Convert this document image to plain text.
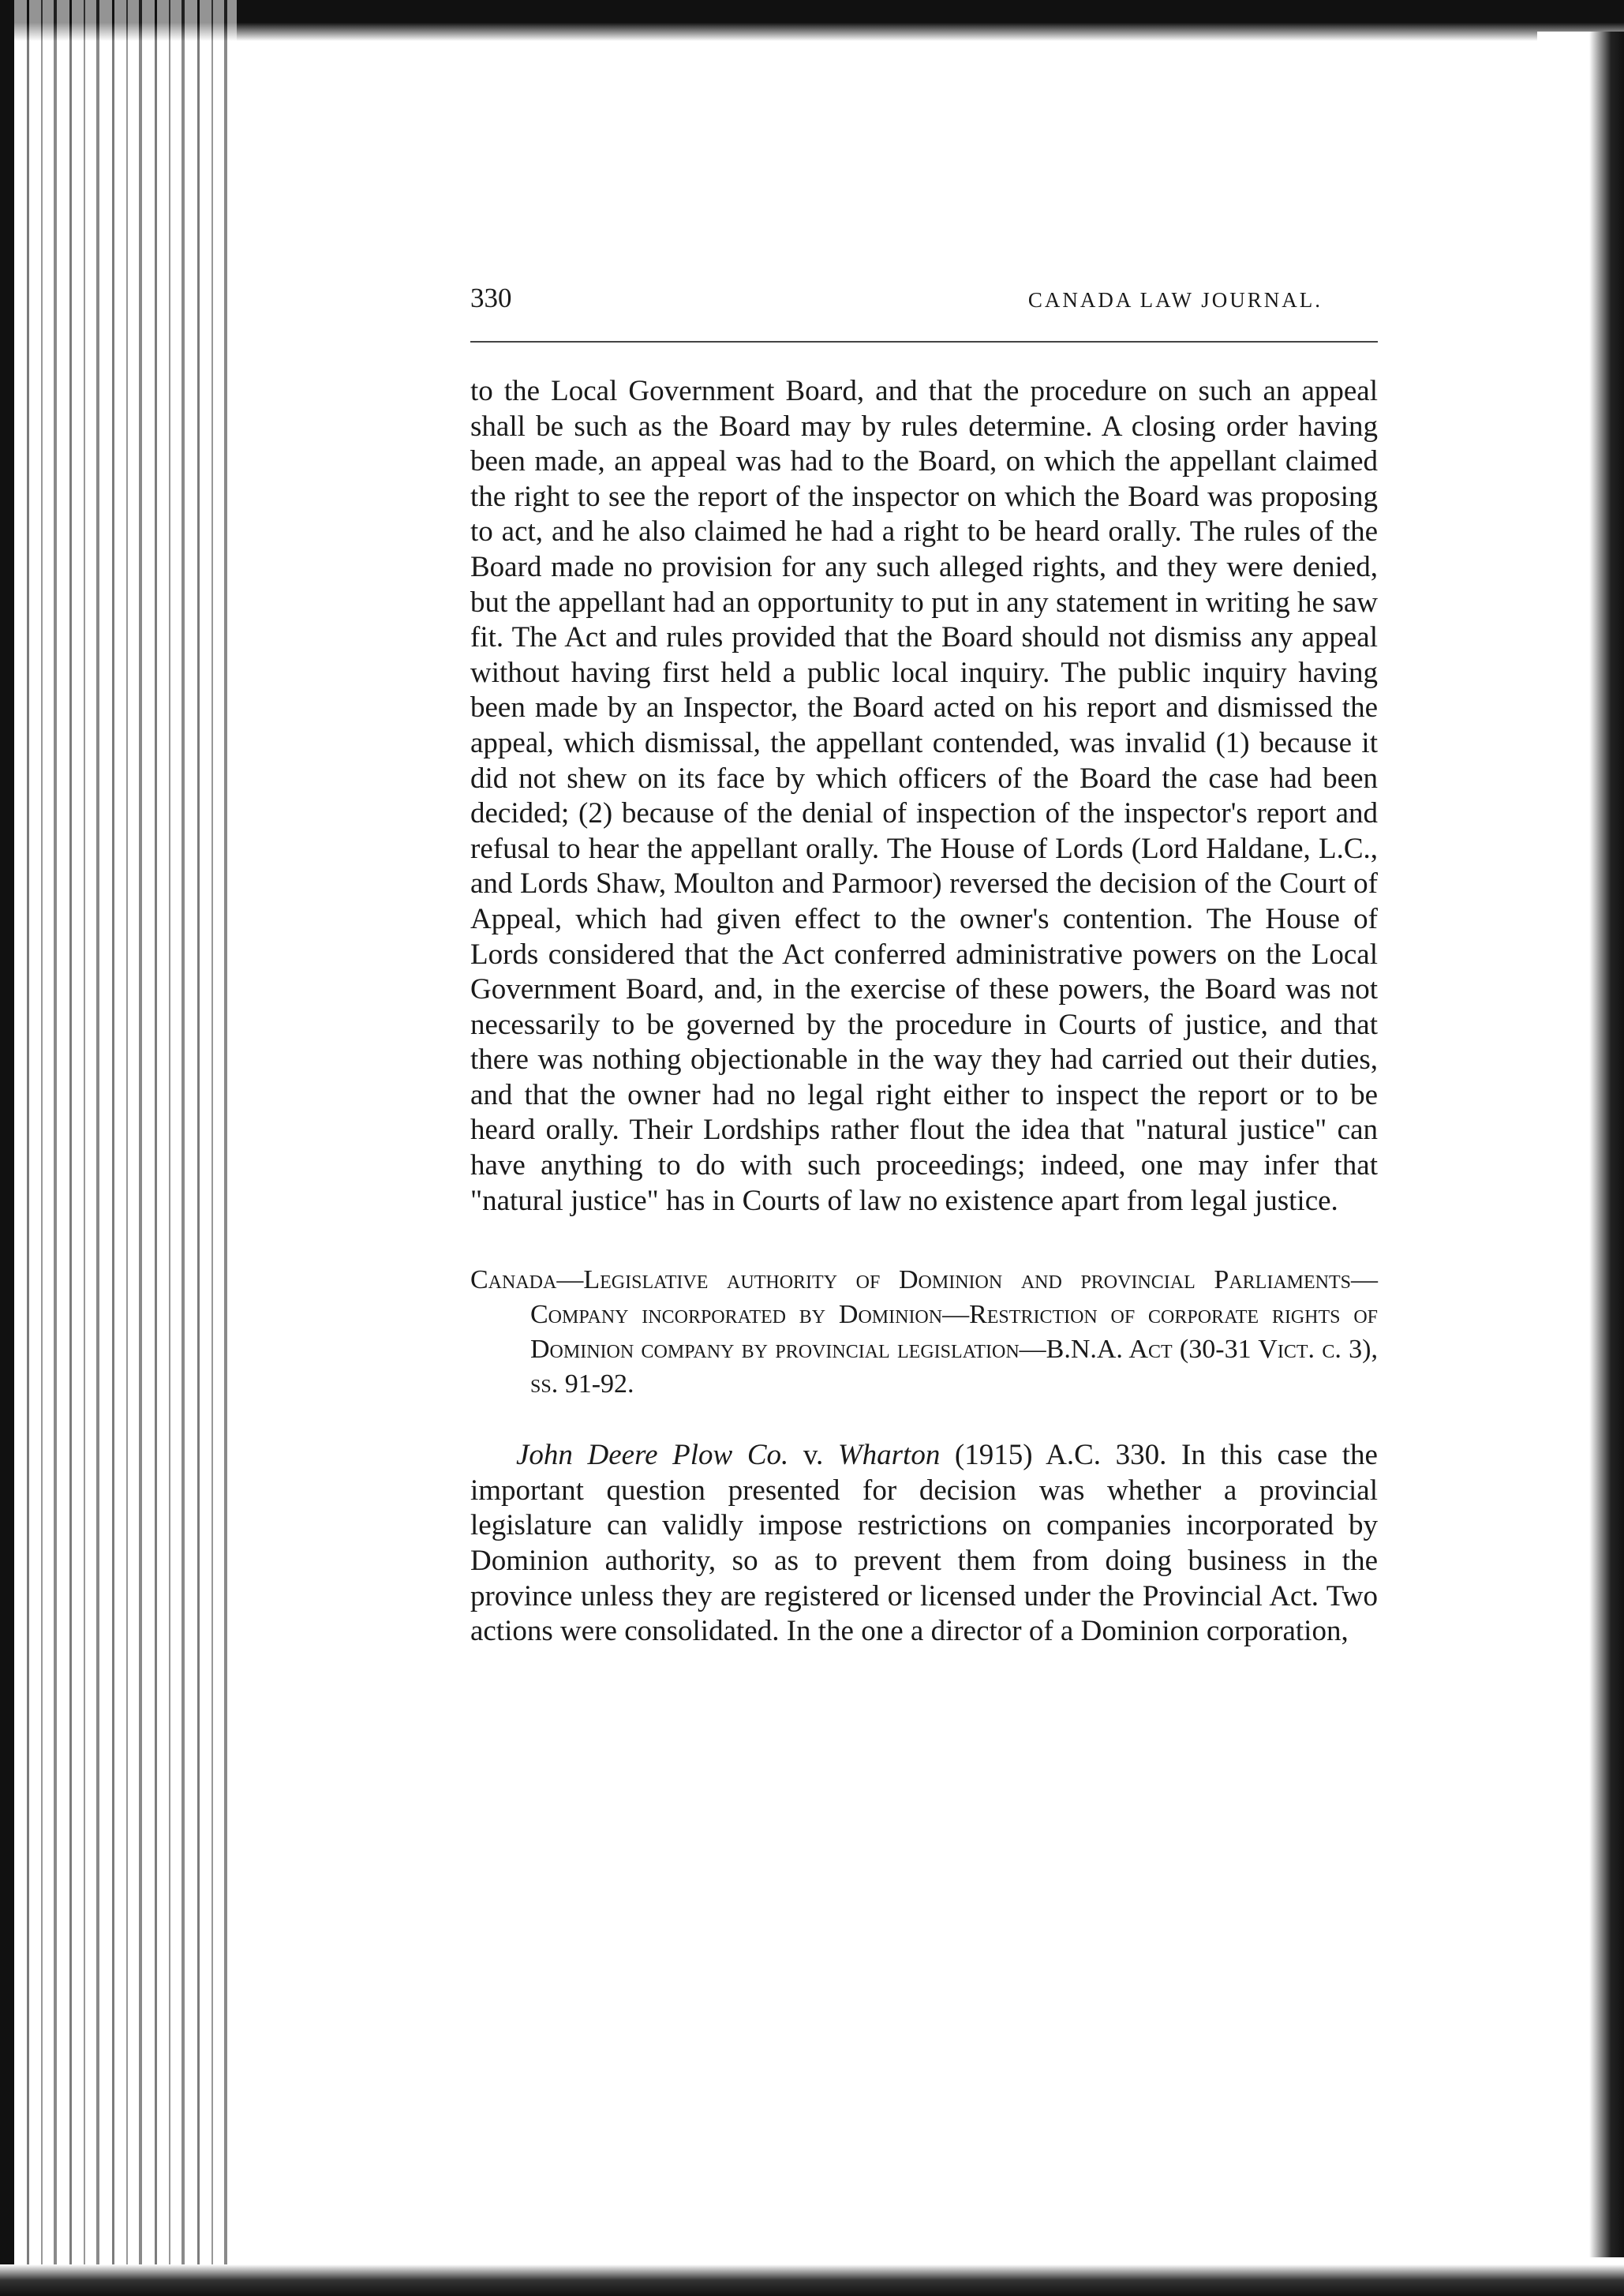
330	CANADA LAW JOURNAL.

to the Local Government Board, and that the procedure on such an appeal shall be such as the Board may by rules determine. A closing order having been made, an appeal was had to the Board, on which the appellant claimed the right to see the report of the inspector on which the Board was proposing to act, and he also claimed he had a right to be heard orally. The rules of the Board made no provision for any such alleged rights, and they were denied, but the appellant had an opportunity to put in any statement in writing he saw fit. The Act and rules provided that the Board should not dismiss any appeal without having first held a public local inquiry. The public inquiry having been made by an Inspector, the Board acted on his report and dismissed the appeal, which dismissal, the appellant contended, was invalid (1) because it did not shew on its face by which officers of the Board the case had been decided; (2) because of the denial of inspection of the inspector's report and refusal to hear the appellant orally. The House of Lords (Lord Haldane, L.C., and Lords Shaw, Moulton and Parmoor) reversed the decision of the Court of Appeal, which had given effect to the owner's contention. The House of Lords considered that the Act conferred administrative powers on the Local Government Board, and, in the exercise of these powers, the Board was not necessarily to be governed by the procedure in Courts of justice, and that there was nothing objectionable in the way they had carried out their duties, and that the owner had no legal right either to inspect the report or to be heard orally. Their Lordships rather flout the idea that "natural justice" can have anything to do with such proceedings; indeed, one may infer that "natural justice" has in Courts of law no existence apart from legal justice.

Canada—Legislative authority of Dominion and provincial Parliaments—Company incorporated by Dominion—Restriction of corporate rights of Dominion company by provincial legislation—B.N.A. Act (30-31 Vict. c. 3), ss. 91-92.
John Deere Plow Co. v. Wharton (1915) A.C. 330. In this case the important question presented for decision was whether a provincial legislature can validly impose restrictions on companies incorporated by Dominion authority, so as to prevent them from doing business in the province unless they are registered or licensed under the Provincial Act. Two actions were consolidated. In the one a director of a Dominion corporation,
